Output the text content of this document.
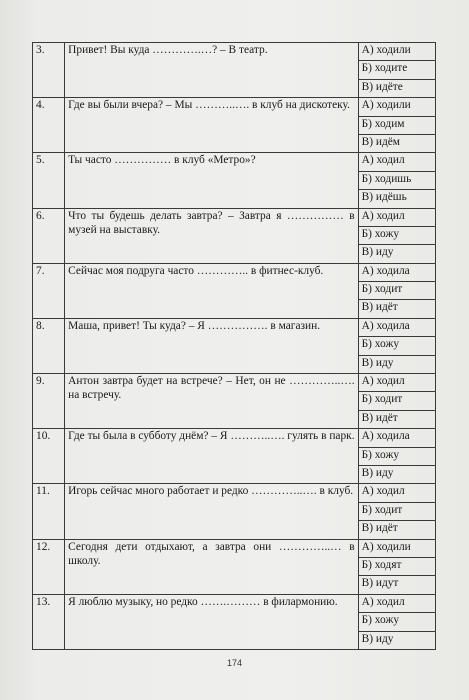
3.	Привет! Вы куда ………….…? – В театр.	А) ходили
		Б) ходите
		В) идёте
4.	Где вы были вчера? – Мы ………..…. в клуб на дискотеку.	А) ходили
		Б) ходим
		В) идём
5.	Ты часто …………… в клуб «Метро»?	А) ходил
		Б) ходишь
		В) идёшь
6.	Что ты будешь делать завтра? – Завтра я …………… в музей на выставку.	А) ходил
		Б) хожу
		В) иду
7.	Сейчас моя подруга часто ………….. в фитнес-клуб.	А) ходила
		Б) ходит
		В) идёт
8.	Маша, привет! Ты куда? – Я ……………. в магазин.	А) ходила
		Б) хожу
		В) иду
9.	Антон завтра будет на встрече? – Нет, он не …………..…. на встречу.	А) ходил
		Б) ходит
		В) идёт
10.	Где ты была в субботу днём? – Я ………..…. гулять в парк.	А) ходила
		Б) хожу
		В) иду
11.	Игорь сейчас много работает и редко …………..…. в клуб.	А) ходил
		Б) ходит
		В) идёт
12.	Сегодня дети отдыхают, а завтра они …………..… в школу.	А) ходили
		Б) ходят
		В) идут
13.	Я люблю музыку, но редко …….……… в филармонию.	А) ходил
		Б) хожу
		В) иду
174
